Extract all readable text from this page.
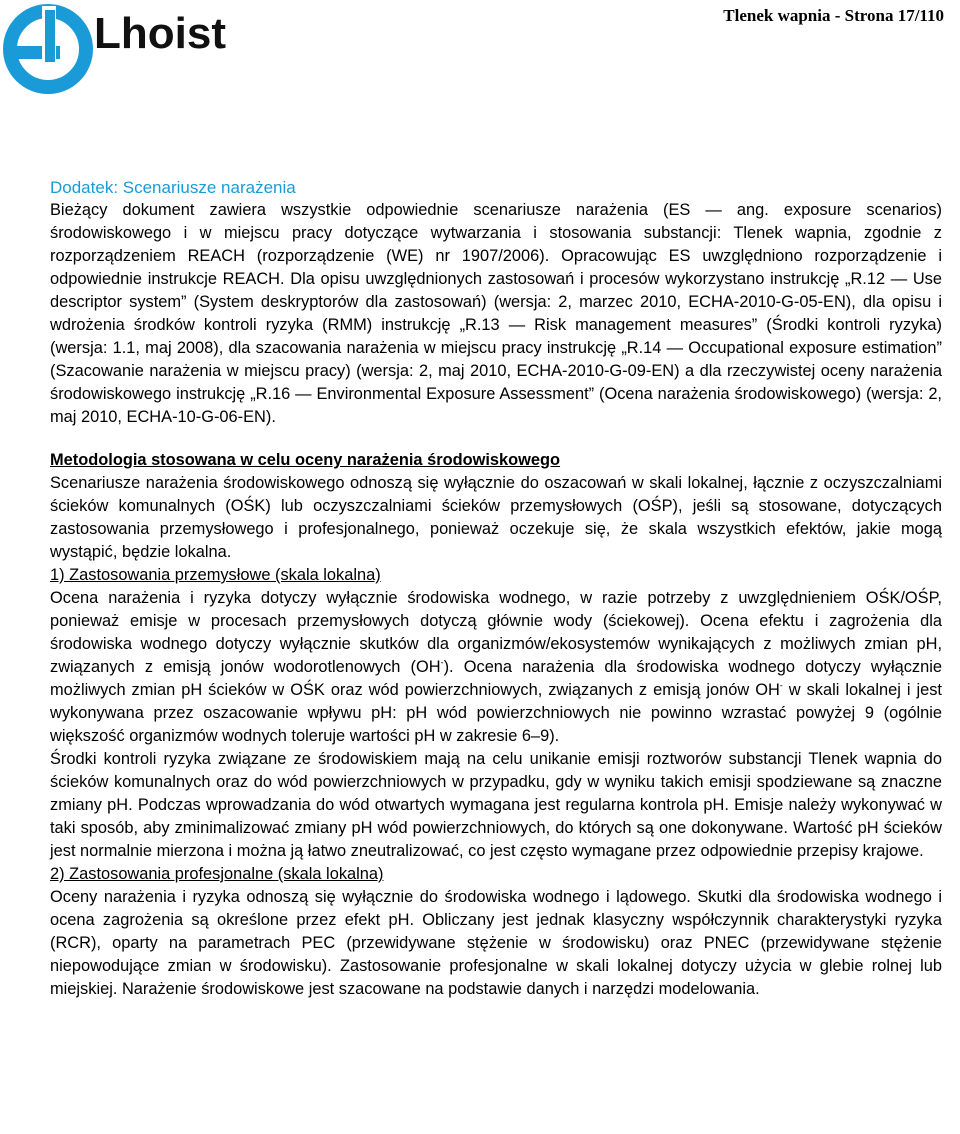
Lhoist	Tlenek wapnia - Strona 17/110

Dodatek: Scenariusze narażenia

Bieżący dokument zawiera wszystkie odpowiednie scenariusze narażenia (ES — ang. exposure scenarios) środowiskowego i w miejscu pracy dotyczące wytwarzania i stosowania substancji: Tlenek wapnia, zgodnie z rozporządzeniem REACH (rozporządzenie (WE) nr 1907/2006). Opracowując ES uwzględniono rozporządzenie i odpowiednie instrukcje REACH. Dla opisu uwzględnionych zastosowań i procesów wykorzystano instrukcję „R.12 — Use descriptor system” (System deskryptorów dla zastosowań) (wersja: 2, marzec 2010, ECHA-2010-G-05-EN), dla opisu i wdrożenia środków kontroli ryzyka (RMM) instrukcję „R.13 — Risk management measures” (Środki kontroli ryzyka) (wersja: 1.1, maj 2008), dla szacowania narażenia w miejscu pracy instrukcję „R.14 — Occupational exposure estimation” (Szacowanie narażenia w miejscu pracy) (wersja: 2, maj 2010, ECHA-2010-G-09-EN) a dla rzeczywistej oceny narażenia środowiskowego instrukcję „R.16 — Environmental Exposure Assessment” (Ocena narażenia środowiskowego) (wersja: 2, maj 2010, ECHA-10-G-06-EN).

Metodologia stosowana w celu oceny narażenia środowiskowego

Scenariusze narażenia środowiskowego odnoszą się wyłącznie do oszacowań w skali lokalnej, łącznie z oczyszczalniami ścieków komunalnych (OŚK) lub oczyszczalniami ścieków przemysłowych (OŚP), jeśli są stosowane, dotyczących zastosowania przemysłowego i profesjonalnego, ponieważ oczekuje się, że skala wszystkich efektów, jakie mogą wystąpić, będzie lokalna.

1) Zastosowania przemysłowe (skala lokalna)

Ocena narażenia i ryzyka dotyczy wyłącznie środowiska wodnego, w razie potrzeby z uwzględnieniem OŚK/OŚP, ponieważ emisje w procesach przemysłowych dotyczą głównie wody (ściekowej). Ocena efektu i zagrożenia dla środowiska wodnego dotyczy wyłącznie skutków dla organizmów/ekosystemów wynikających z możliwych zmian pH, związanych z emisją jonów wodorotlenowych (OH-). Ocena narażenia dla środowiska wodnego dotyczy wyłącznie możliwych zmian pH ścieków w OŚK oraz wód powierzchniowych, związanych z emisją jonów OH- w skali lokalnej i jest wykonywana przez oszacowanie wpływu pH: pH wód powierzchniowych nie powinno wzrastać powyżej 9 (ogólnie większość organizmów wodnych toleruje wartości pH w zakresie 6–9).

Środki kontroli ryzyka związane ze środowiskiem mają na celu unikanie emisji roztworów substancji Tlenek wapnia do ścieków komunalnych oraz do wód powierzchniowych w przypadku, gdy w wyniku takich emisji spodziewane są znaczne zmiany pH. Podczas wprowadzania do wód otwartych wymagana jest regularna kontrola pH. Emisje należy wykonywać w taki sposób, aby zminimalizować zmiany pH wód powierzchniowych, do których są one dokonywane. Wartość pH ścieków jest normalnie mierzona i można ją łatwo zneutralizować, co jest często wymagane przez odpowiednie przepisy krajowe.

2) Zastosowania profesjonalne (skala lokalna)

Oceny narażenia i ryzyka odnoszą się wyłącznie do środowiska wodnego i lądowego. Skutki dla środowiska wodnego i ocena zagrożenia są określone przez efekt pH. Obliczany jest jednak klasyczny współczynnik charakterystyki ryzyka (RCR), oparty na parametrach PEC (przewidywane stężenie w środowisku) oraz PNEC (przewidywane stężenie niepowodujące zmian w środowisku). Zastosowanie profesjonalne w skali lokalnej dotyczy użycia w glebie rolnej lub miejskiej. Narażenie środowiskowe jest szacowane na podstawie danych i narzędzi modelowania.
